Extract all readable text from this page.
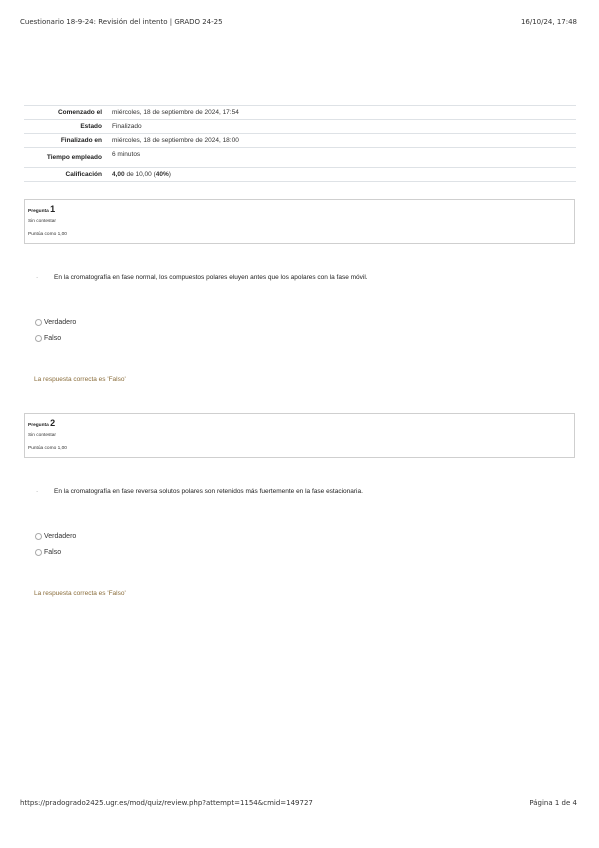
Cuestionario 18-9-24: Revisión del intento | GRADO 24-25	16/10/24, 17:48
Comenzado el	miércoles, 18 de septiembre de 2024, 17:54
Estado	Finalizado
Finalizado en	miércoles, 18 de septiembre de 2024, 18:00
Tiempo empleado	6 minutos
Calificación	4,00 de 10,00 (40%)
Pregunta 1
Sin contestar
Puntúa como 1,00
· En la cromatografía en fase normal, los compuestos polares eluyen antes que los apolares con la fase móvil.
Verdadero
Falso
La respuesta correcta es 'Falso'
Pregunta 2
Sin contestar
Puntúa como 1,00
· En la cromatografía en fase reversa solutos polares son retenidos más fuertemente en la fase estacionaria.
Verdadero
Falso
La respuesta correcta es 'Falso'
https://pradogrado2425.ugr.es/mod/quiz/review.php?attempt=1154&cmid=149727	Página 1 de 4
